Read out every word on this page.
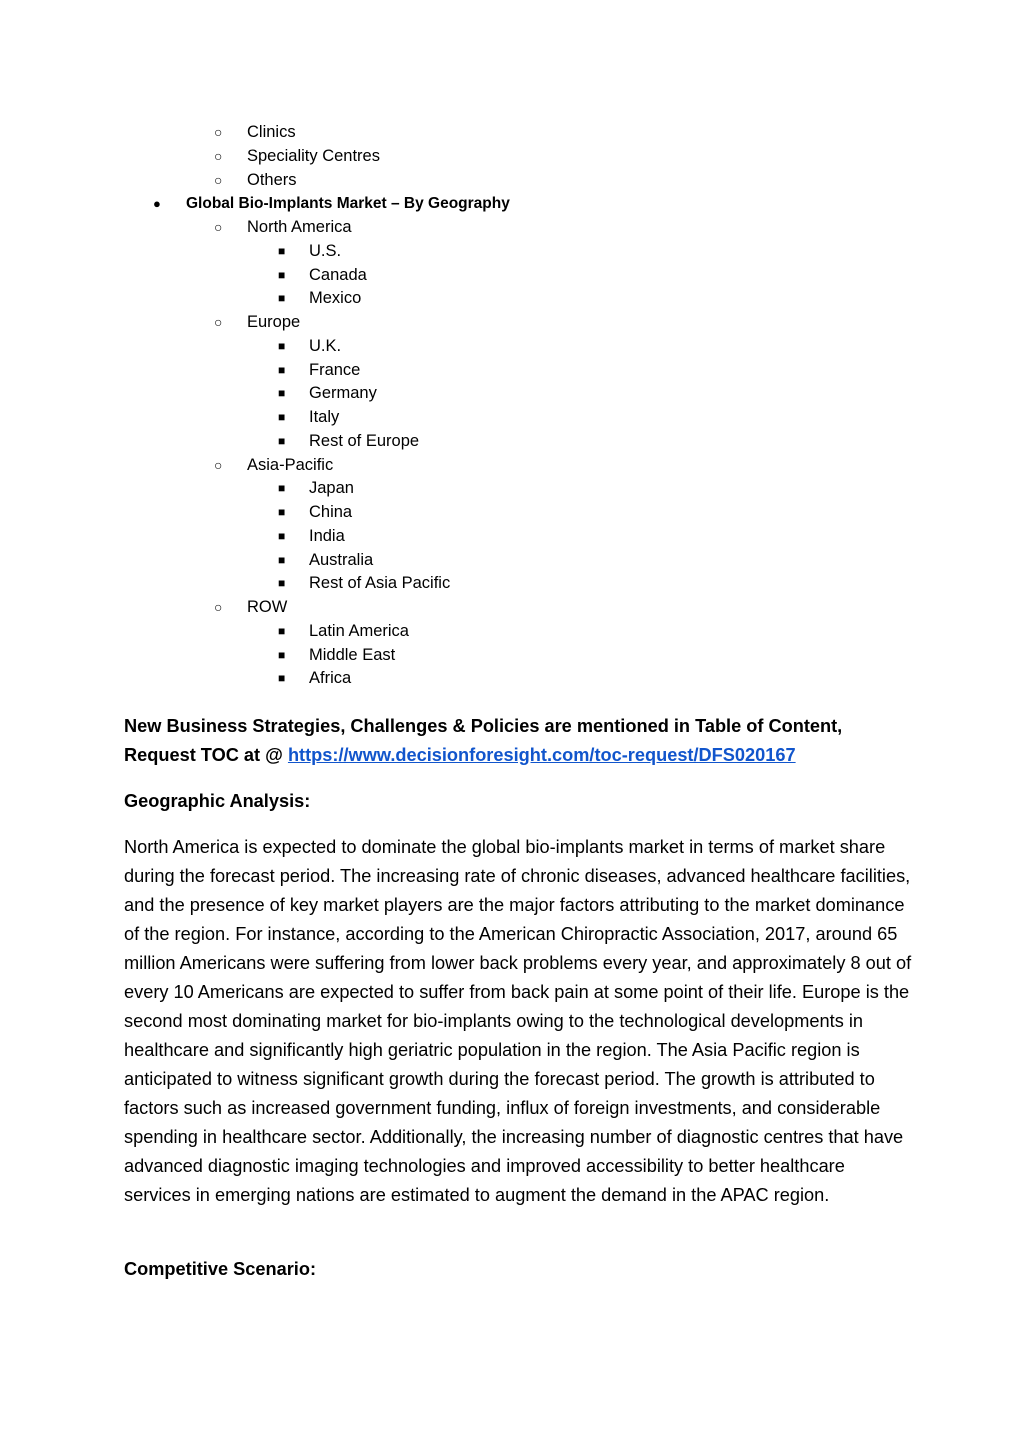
○ Clinics
○ Speciality Centres
○ Others
● Global Bio-Implants Market – By Geography
○ North America
■ U.S.
■ Canada
■ Mexico
○ Europe
■ U.K.
■ France
■ Germany
■ Italy
■ Rest of Europe
○ Asia-Pacific
■ Japan
■ China
■ India
■ Australia
■ Rest of Asia Pacific
○ ROW
■ Latin America
■ Middle East
■ Africa
New Business Strategies, Challenges & Policies are mentioned in Table of Content, Request TOC at @ https://www.decisionforesight.com/toc-request/DFS020167
Geographic Analysis:
North America is expected to dominate the global bio-implants market in terms of market share during the forecast period. The increasing rate of chronic diseases, advanced healthcare facilities, and the presence of key market players are the major factors attributing to the market dominance of the region. For instance, according to the American Chiropractic Association, 2017, around 65 million Americans were suffering from lower back problems every year, and approximately 8 out of every 10 Americans are expected to suffer from back pain at some point of their life. Europe is the second most dominating market for bio-implants owing to the technological developments in healthcare and significantly high geriatric population in the region. The Asia Pacific region is anticipated to witness significant growth during the forecast period. The growth is attributed to factors such as increased government funding, influx of foreign investments, and considerable spending in healthcare sector. Additionally, the increasing number of diagnostic centres that have advanced diagnostic imaging technologies and improved accessibility to better healthcare services in emerging nations are estimated to augment the demand in the APAC region.
Competitive Scenario:
